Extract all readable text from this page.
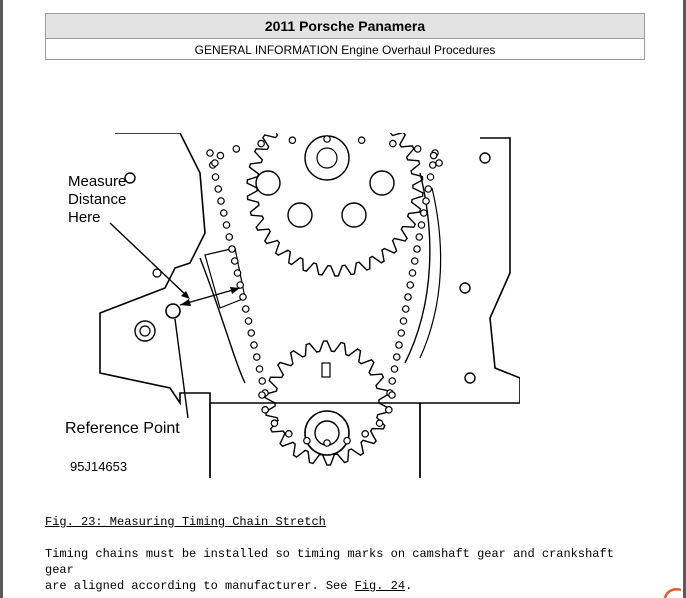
2011 Porsche Panamera
GENERAL INFORMATION Engine Overhaul Procedures
Measure
Distance
Here
Reference Point
95J14653
Fig. 23: Measuring Timing Chain Stretch
Timing chains must be installed so timing marks on camshaft gear and crankshaft gear
are aligned according to manufacturer. See Fig. 24.
